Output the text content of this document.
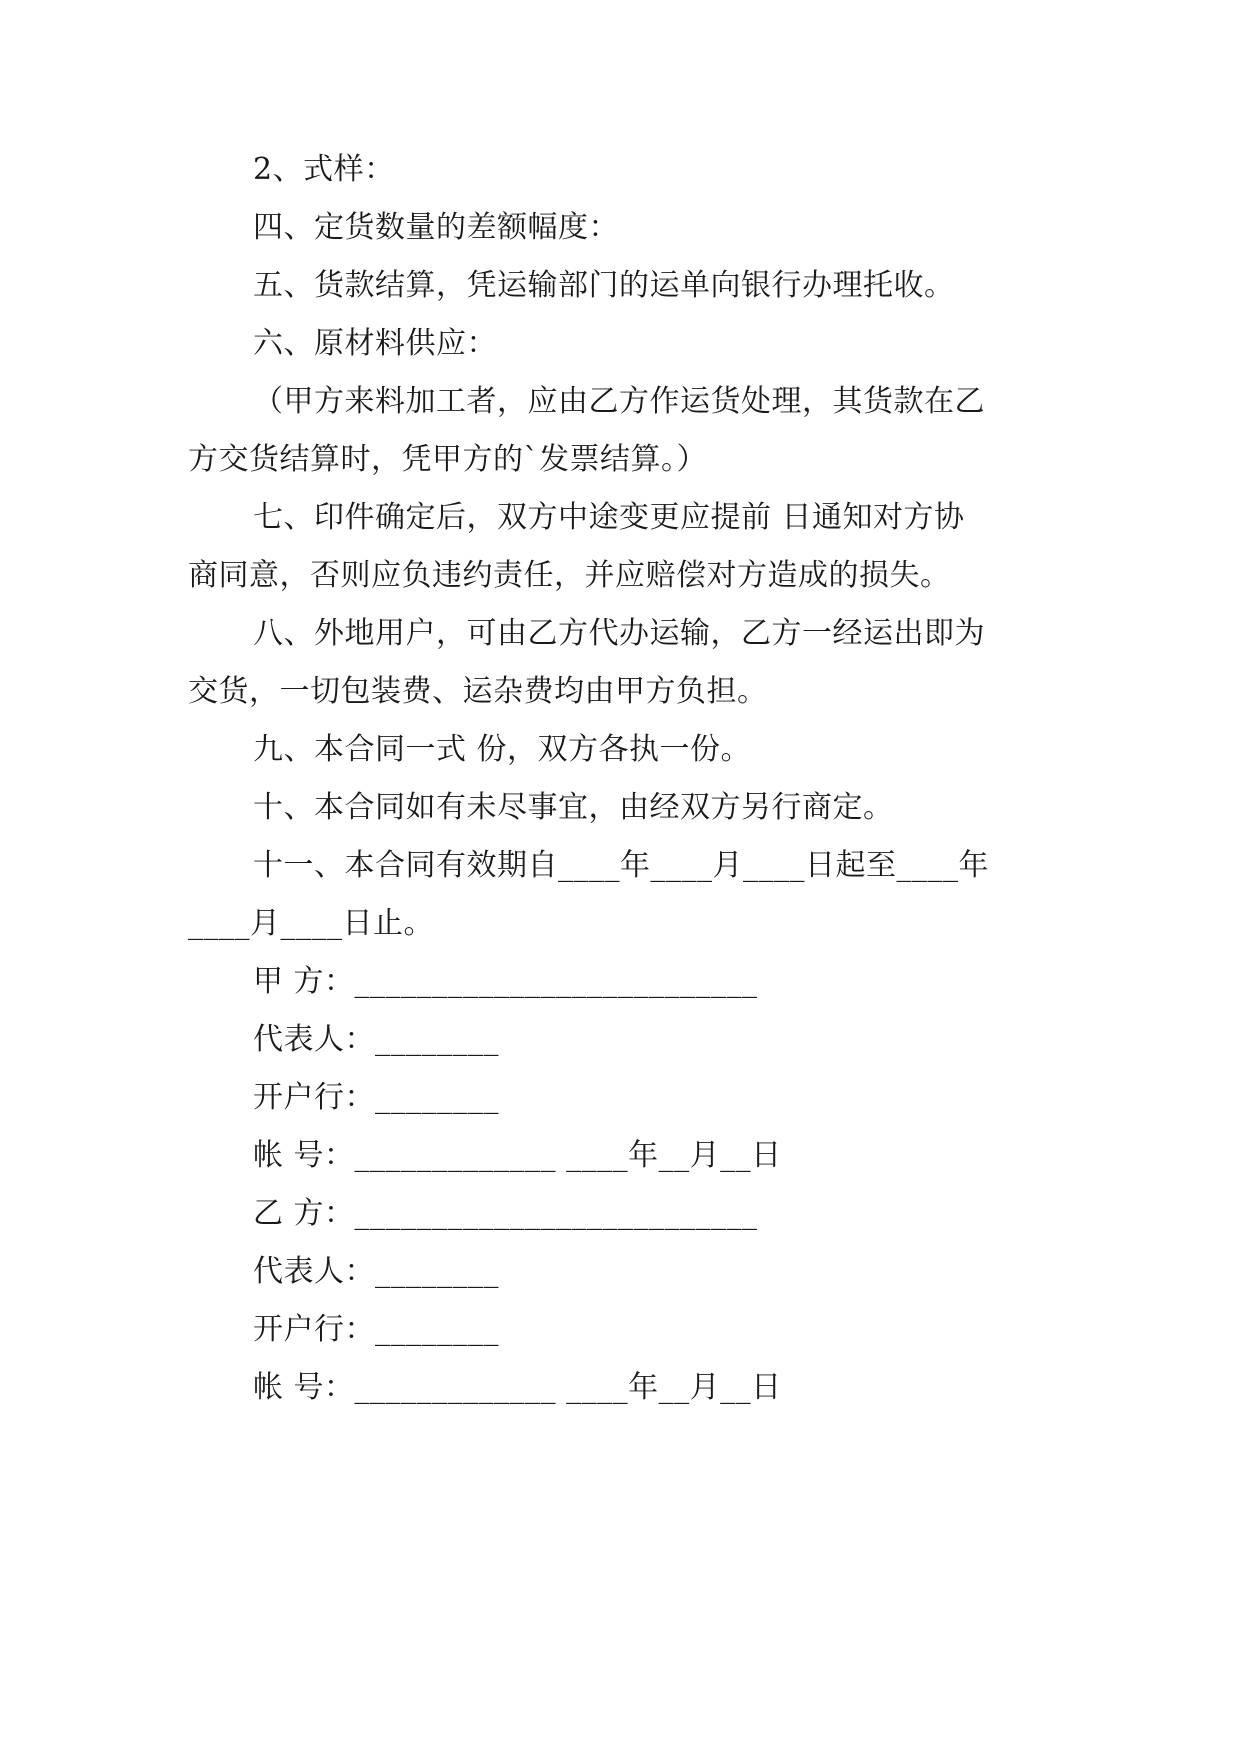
2、式样：
四、定货数量的差额幅度：
五、货款结算，凭运输部门的运单向银行办理托收。
六、原材料供应：
（甲方来料加工者，应由乙方作运货处理，其货款在乙
方交货结算时，凭甲方的`发票结算。）
七、印件确定后，双方中途变更应提前 日通知对方协
商同意，否则应负违约责任，并应赔偿对方造成的损失。
八、外地用户，可由乙方代办运输，乙方一经运出即为
交货，一切包装费、运杂费均由甲方负担。
九、本合同一式 份，双方各执一份。
十、本合同如有未尽事宜，由经双方另行商定。
十一、本合同有效期自____年____月____日起至____年
____月____日止。
甲 方：__________________________
代表人：________
开户行：________
帐 号：_____________ ____年__月__日
乙 方：__________________________
代表人：________
开户行：________
帐 号：_____________ ____年__月__日
